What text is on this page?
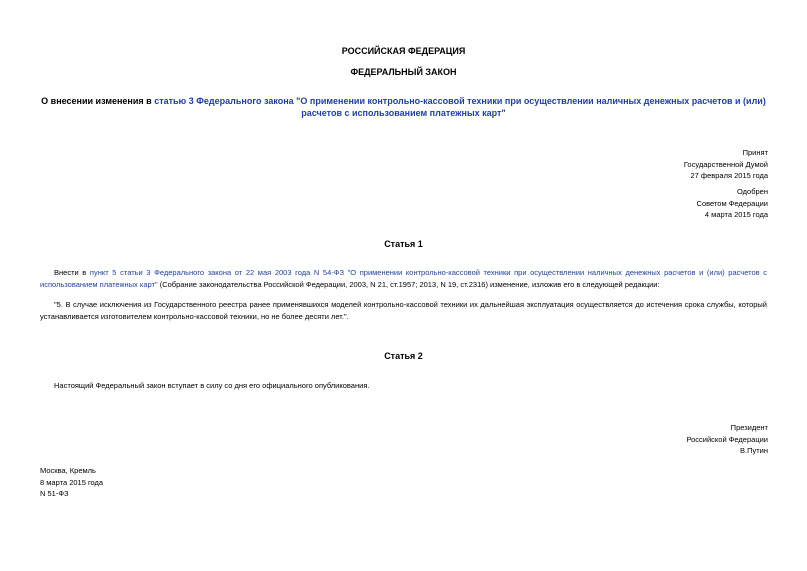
РОССИЙСКАЯ ФЕДЕРАЦИЯ
ФЕДЕРАЛЬНЫЙ ЗАКОН
О внесении изменения в статью 3 Федерального закона "О применении контрольно-кассовой техники при осуществлении наличных денежных расчетов и (или) расчетов с использованием платежных карт"
Принят
Государственной Думой
27 февраля 2015 года
Одобрен
Советом Федерации
4 марта 2015 года
Статья 1
Внести в пункт 5 статьи 3 Федерального закона от 22 мая 2003 года N 54-ФЗ "О применении контрольно-кассовой техники при осуществлении наличных денежных расчетов и (или) расчетов с использованием платежных карт" (Собрание законодательства Российской Федерации, 2003, N 21, ст.1957; 2013, N 19, ст.2316) изменение, изложив его в следующей редакции:
"5. В случае исключения из Государственного реестра ранее применявшихся моделей контрольно-кассовой техники их дальнейшая эксплуатация осуществляется до истечения срока службы, который устанавливается изготовителем контрольно-кассовой техники, но не более десяти лет.".
Статья 2
Настоящий Федеральный закон вступает в силу со дня его официального опубликования.
Президент
Российской Федерации
В.Путин
Москва, Кремль
8 марта 2015 года
N 51-ФЗ
